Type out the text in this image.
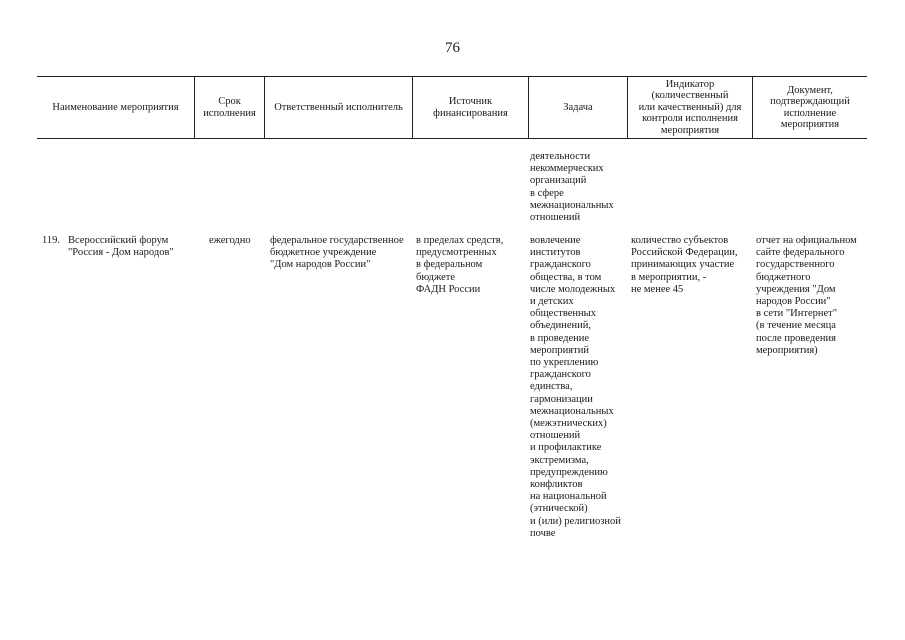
76
Наименование мероприятия
Срок
исполнения
Ответственный исполнитель
Источник
финансирования
Задача
Индикатор
(количественный
или качественный) для
контроля исполнения
мероприятия
Документ,
подтверждающий
исполнение
мероприятия
деятельности
некоммерческих
организаций
в сфере
межнациональных
отношений
119. Всероссийский форум
"Россия - Дом народов"
ежегодно	федеральное государственное
бюджетное учреждение
"Дом народов России"
в пределах средств,
предусмотренных
в федеральном
бюджете
ФАДН России
вовлечение
институтов
гражданского
общества, в том
числе молодежных
и детских
общественных
объединений,
в проведение
мероприятий
по укреплению
гражданского
единства,
гармонизации
межнациональных
(межэтнических)
отношений
и профилактике
экстремизма,
предупреждению
конфликтов
на национальной
(этнической)
и (или) религиозной
почве
количество субъектов
Российской Федерации,
принимающих участие
в мероприятии, -
не менее 45
отчет на официальном
сайте федерального
государственного
бюджетного
учреждения "Дом
народов России"
в сети "Интернет"
(в течение месяца
после проведения
мероприятия)
